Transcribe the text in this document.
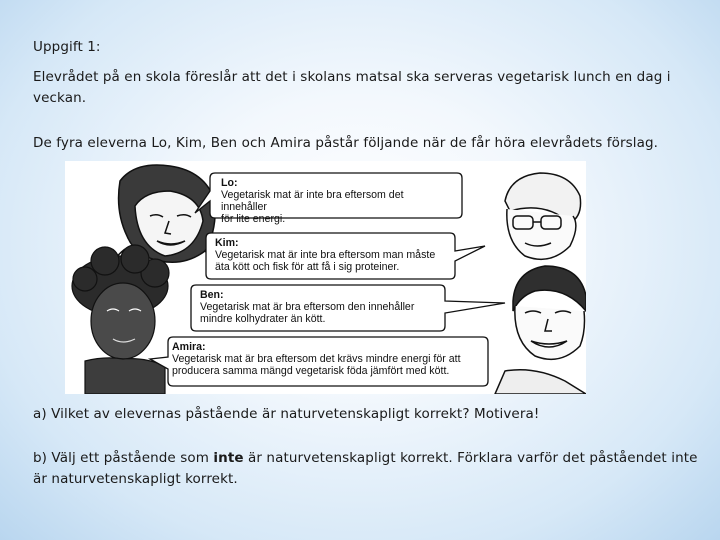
Uppgift 1:
Elevrådet på en skola föreslår att det i skolans matsal ska serveras vegetarisk lunch en dag i veckan.
De fyra eleverna Lo, Kim, Ben och Amira påstår följande när de får höra elevrådets förslag.
Lo:
Vegetarisk mat är inte bra eftersom det innehåller
för lite energi.
Kim:
Vegetarisk mat är inte bra eftersom man måste
äta kött och fisk för att få i sig proteiner.
Ben:
Vegetarisk mat är bra eftersom den innehåller
mindre kolhydrater än kött.
Amira:
Vegetarisk mat är bra eftersom det krävs mindre energi för att
producera samma mängd vegetarisk föda jämfört med kött.
a) Vilket av elevernas påstående är naturvetenskapligt korrekt? Motivera!
b) Välj ett påstående som inte är naturvetenskapligt korrekt. Förklara varför det påståendet inte är naturvetenskapligt korrekt.
